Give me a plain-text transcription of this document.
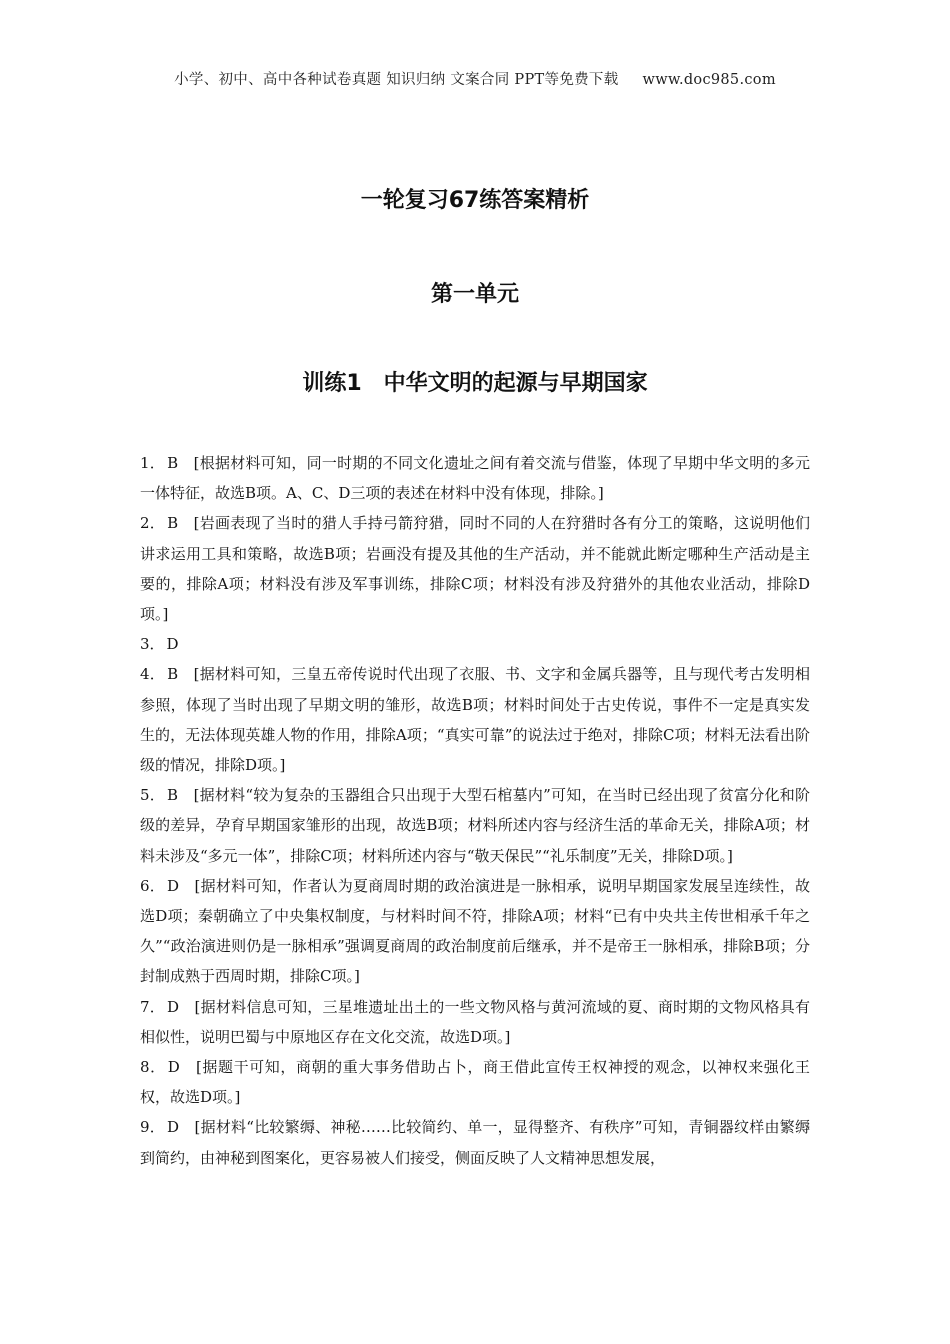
小学、初中、高中各种试卷真题 知识归纳 文案合同 PPT等免费下载 www.doc985.com
一轮复习67练答案精析
第一单元
训练1　中华文明的起源与早期国家

1． B　[根据材料可知，同一时期的不同文化遗址之间有着交流与借鉴，体现了早期中华文明的多元一体特征，故选B项。A、C、D三项的表述在材料中没有体现，排除。]

2． B　[岩画表现了当时的猎人手持弓箭狩猎，同时不同的人在狩猎时各有分工的策略，这说明他们讲求运用工具和策略，故选B项；岩画没有提及其他的生产活动，并不能就此断定哪种生产活动是主要的，排除A项；材料没有涉及军事训练，排除C项；材料没有涉及狩猎外的其他农业活动，排除D项。]

3． D

4． B　[据材料可知，三皇五帝传说时代出现了衣服、书、文字和金属兵器等，且与现代考古发明相参照，体现了当时出现了早期文明的雏形，故选B项；材料时间处于古史传说，事件不一定是真实发生的，无法体现英雄人物的作用，排除A项；“真实可靠”的说法过于绝对，排除C项；材料无法看出阶级的情况，排除D项。]

5． B　[据材料“较为复杂的玉器组合只出现于大型石棺墓内”可知，在当时已经出现了贫富分化和阶级的差异，孕育早期国家雏形的出现，故选B项；材料所述内容与经济生活的革命无关，排除A项；材料未涉及“多元一体”，排除C项；材料所述内容与“敬天保民”“礼乐制度”无关，排除D项。]

6． D　[据材料可知，作者认为夏商周时期的政治演进是一脉相承，说明早期国家发展呈连续性，故选D项；秦朝确立了中央集权制度，与材料时间不符，排除A项；材料“已有中央共主传世相承千年之久”“政治演进则仍是一脉相承”强调夏商周的政治制度前后继承，并不是帝王一脉相承，排除B项；分封制成熟于西周时期，排除C项。]

7． D　[据材料信息可知，三星堆遗址出土的一些文物风格与黄河流域的夏、商时期的文物风格具有相似性，说明巴蜀与中原地区存在文化交流，故选D项。]

8． D　[据题干可知，商朝的重大事务借助占卜，商王借此宣传王权神授的观念，以神权来强化王权，故选D项。]

9． D　[据材料“比较繁缛、神秘……比较简约、单一，显得整齐、有秩序”可知，青铜器纹样由繁缛到简约，由神秘到图案化，更容易被人们接受，侧面反映了人文精神思想发展，
